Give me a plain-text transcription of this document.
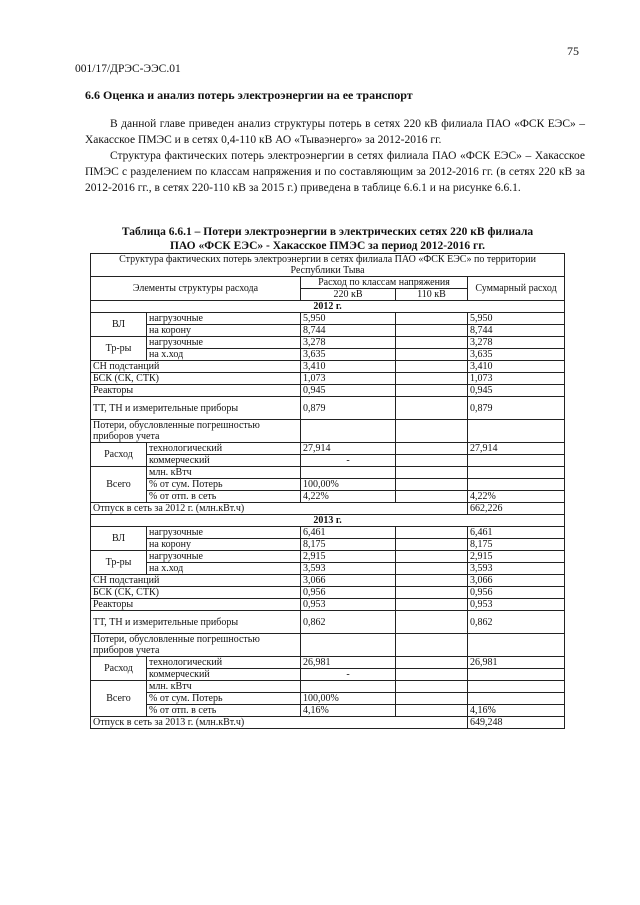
75
001/17/ДРЭС-ЭЭС.01
6.6 Оценка и анализ потерь электроэнергии на ее транспорт
В данной главе приведен анализ структуры потерь в сетях 220 кВ филиала ПАО «ФСК ЕЭС» – Хакасское ПМЭС и в сетях 0,4-110 кВ АО «Тываэнерго» за 2012-2016 гг.
Структура фактических потерь электроэнергии в сетях филиала ПАО «ФСК ЕЭС» – Хакасское ПМЭС с разделением по классам напряжения и по составляющим за 2012-2016 гг. (в сетях 220 кВ за 2012-2016 гг., в сетях 220-110 кВ за 2015 г.) приведена в таблице 6.6.1 и на рисунке 6.6.1.
Таблица 6.6.1 – Потери электроэнергии в электрических сетях 220 кВ филиала
ПАО «ФСК ЕЭС» - Хакасское ПМЭС за период 2012-2016 гг.
Структура фактических потерь электроэнергии в сетях филиала ПАО «ФСК ЕЭС» по территории Республики Тыва				
Элементы структуры расхода		Расход по классам напряжения		Суммарный расход
		220 кВ	110 кВ	
2012 г.				
ВЛ	нагрузочные	5,950		5,950
	на корону	8,744		8,744
Тр-ры	нагрузочные	3,278		3,278
	на х.ход	3,635		3,635
СН подстанций		3,410		3,410
БСК (СК, СТК)		1,073		1,073
Реакторы		0,945		0,945
ТТ, ТН и измерительные приборы		0,879		0,879
Потери, обусловленные погрешностью приборов учета				
Расход	технологический	27,914		27,914
	коммерческий	-		
Всего	млн. кВтч			
	% от сум. Потерь	100,00%		
	% от отп. в сеть	4,22%		4,22%
Отпуск в сеть за 2012 г. (млн.кВт.ч)				662,226
2013 г.				
ВЛ	нагрузочные	6,461		6,461
	на корону	8,175		8,175
Тр-ры	нагрузочные	2,915		2,915
	на х.ход	3,593		3,593
СН подстанций		3,066		3,066
БСК (СК, СТК)		0,956		0,956
Реакторы		0,953		0,953
ТТ, ТН и измерительные приборы		0,862		0,862
Потери, обусловленные погрешностью приборов учета				
Расход	технологический	26,981		26,981
	коммерческий	-		
Всего	млн. кВтч			
	% от сум. Потерь	100,00%		
	% от отп. в сеть	4,16%		4,16%
Отпуск в сеть за 2013 г. (млн.кВт.ч)				649,248
